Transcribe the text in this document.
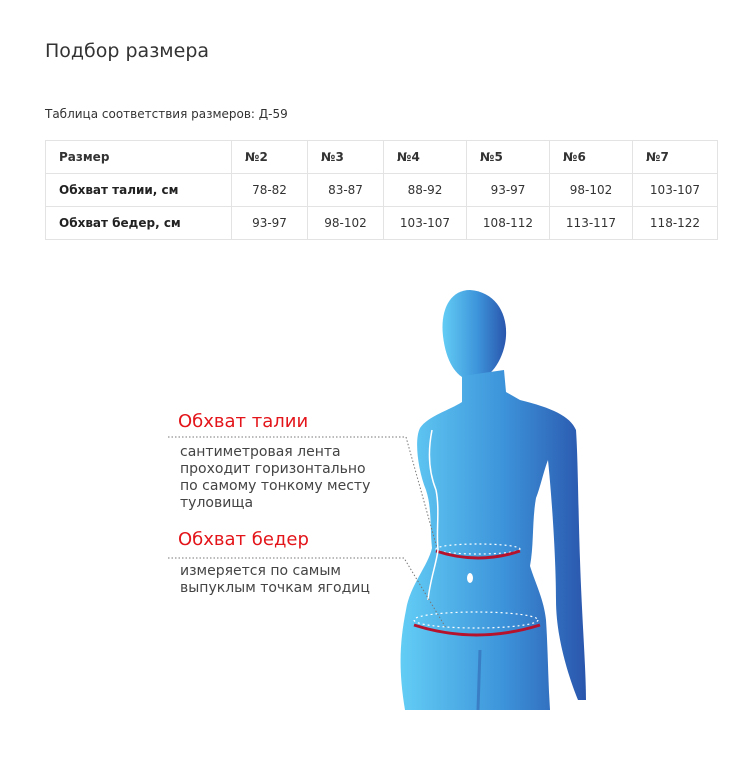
Подбор размера
Таблица соответствия размеров: Д-59
Размер	№2	№3	№4	№5	№6	№7
Обхват талии, см	78-82	83-87	88-92	93-97	98-102	103-107
Обхват бедер, см	93-97	98-102	103-107	108-112	113-117	118-122
Обхват талии
сантиметровая лента
проходит горизонтально
по самому тонкому месту
туловища
Обхват бедер
измеряется по самым
выпуклым точкам ягодиц
